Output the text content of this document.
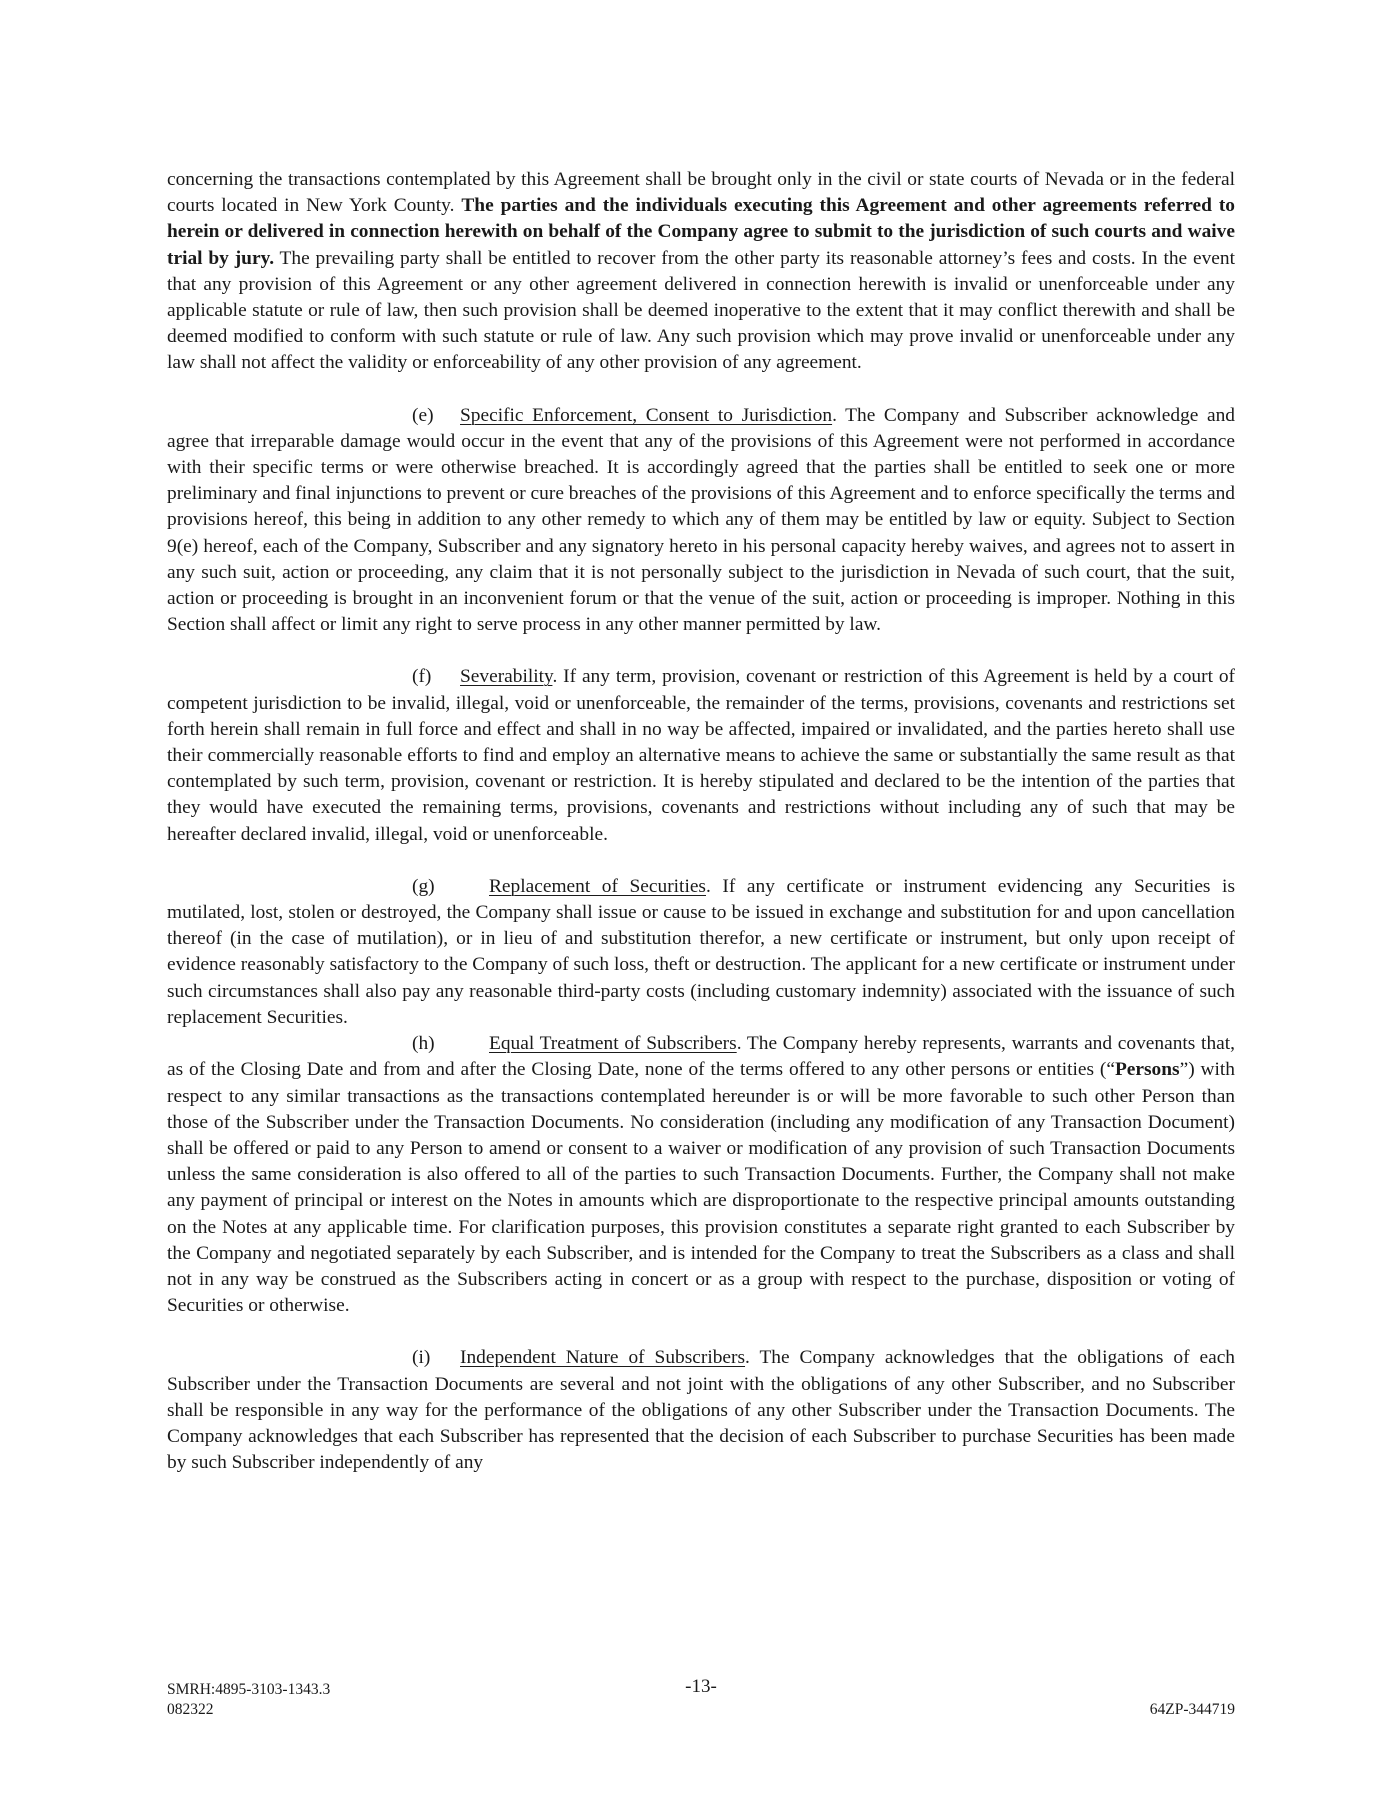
concerning the transactions contemplated by this Agreement shall be brought only in the civil or state courts of Nevada or in the federal courts located in New York County. The parties and the individuals executing this Agreement and other agreements referred to herein or delivered in connection herewith on behalf of the Company agree to submit to the jurisdiction of such courts and waive trial by jury. The prevailing party shall be entitled to recover from the other party its reasonable attorney’s fees and costs. In the event that any provision of this Agreement or any other agreement delivered in connection herewith is invalid or unenforceable under any applicable statute or rule of law, then such provision shall be deemed inoperative to the extent that it may conflict therewith and shall be deemed modified to conform with such statute or rule of law. Any such provision which may prove invalid or unenforceable under any law shall not affect the validity or enforceability of any other provision of any agreement.

(e) Specific Enforcement, Consent to Jurisdiction. The Company and Subscriber acknowledge and agree that irreparable damage would occur in the event that any of the provisions of this Agreement were not performed in accordance with their specific terms or were otherwise breached. It is accordingly agreed that the parties shall be entitled to seek one or more preliminary and final injunctions to prevent or cure breaches of the provisions of this Agreement and to enforce specifically the terms and provisions hereof, this being in addition to any other remedy to which any of them may be entitled by law or equity. Subject to Section 9(e) hereof, each of the Company, Subscriber and any signatory hereto in his personal capacity hereby waives, and agrees not to assert in any such suit, action or proceeding, any claim that it is not personally subject to the jurisdiction in Nevada of such court, that the suit, action or proceeding is brought in an inconvenient forum or that the venue of the suit, action or proceeding is improper. Nothing in this Section shall affect or limit any right to serve process in any other manner permitted by law.

(f) Severability. If any term, provision, covenant or restriction of this Agreement is held by a court of competent jurisdiction to be invalid, illegal, void or unenforceable, the remainder of the terms, provisions, covenants and restrictions set forth herein shall remain in full force and effect and shall in no way be affected, impaired or invalidated, and the parties hereto shall use their commercially reasonable efforts to find and employ an alternative means to achieve the same or substantially the same result as that contemplated by such term, provision, covenant or restriction. It is hereby stipulated and declared to be the intention of the parties that they would have executed the remaining terms, provisions, covenants and restrictions without including any of such that may be hereafter declared invalid, illegal, void or unenforceable.

(g)	Replacement of Securities. If any certificate or instrument evidencing any Securities is mutilated, lost, stolen or destroyed, the Company shall issue or cause to be issued in exchange and substitution for and upon cancellation thereof (in the case of mutilation), or in lieu of and substitution therefor, a new certificate or instrument, but only upon receipt of evidence reasonably satisfactory to the Company of such loss, theft or destruction. The applicant for a new certificate or instrument under such circumstances shall also pay any reasonable third-party costs (including customary indemnity) associated with the issuance of such replacement Securities.

(h)	Equal Treatment of Subscribers. The Company hereby represents, warrants and covenants that, as of the Closing Date and from and after the Closing Date, none of the terms offered to any other persons or entities (“Persons”) with respect to any similar transactions as the transactions contemplated hereunder is or will be more favorable to such other Person than those of the Subscriber under the Transaction Documents. No consideration (including any modification of any Transaction Document) shall be offered or paid to any Person to amend or consent to a waiver or modification of any provision of such Transaction Documents unless the same consideration is also offered to all of the parties to such Transaction Documents. Further, the Company shall not make any payment of principal or interest on the Notes in amounts which are disproportionate to the respective principal amounts outstanding on the Notes at any applicable time. For clarification purposes, this provision constitutes a separate right granted to each Subscriber by the Company and negotiated separately by each Subscriber, and is intended for the Company to treat the Subscribers as a class and shall not in any way be construed as the Subscribers acting in concert or as a group with respect to the purchase, disposition or voting of Securities or otherwise.

(i) Independent Nature of Subscribers. The Company acknowledges that the obligations of each Subscriber under the Transaction Documents are several and not joint with the obligations of any other Subscriber, and no Subscriber shall be responsible in any way for the performance of the obligations of any other Subscriber under the Transaction Documents. The Company acknowledges that each Subscriber has represented that the decision of each Subscriber to purchase Securities has been made by such Subscriber independently of any

SMRH:4895-3103-1343.3
082322
-13-
64ZP-344719
